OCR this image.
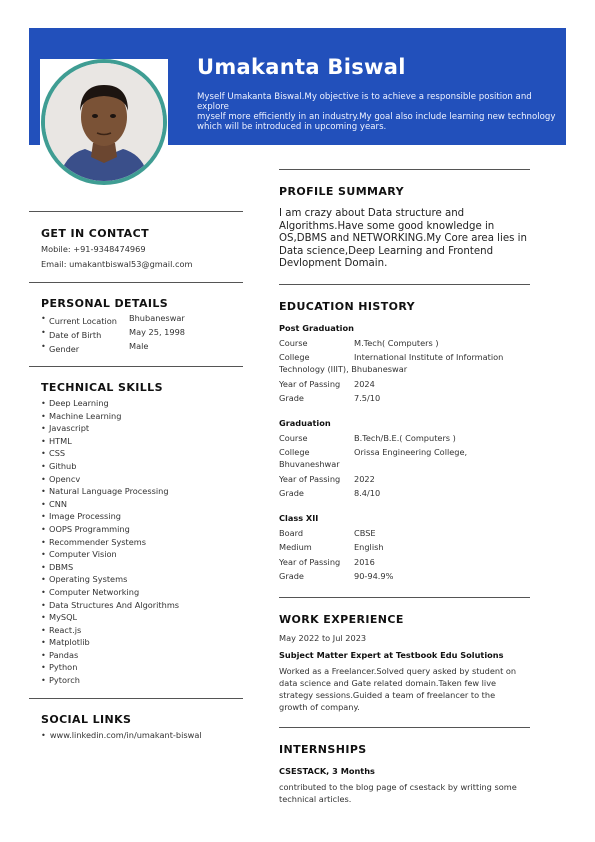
Umakanta Biswal
Myself Umakanta Biswal.My objective is to achieve a responsible position and explore
myself more efficiently in an industry.My goal also include learning new technology
which will be introduced in upcoming years.
GET IN CONTACT
Mobile: +91-9348474969
Email: umakantbiswal53@gmail.com
PERSONAL DETAILS
• Current Location Bhubaneswar
• Date of Birth	May 25, 1998
• Gender	Male
TECHNICAL SKILLS
• Deep Learning
• Machine Learning
• Javascript
• HTML
• CSS
• Github
• Opencv
• Natural Language Processing
• CNN
• Image Processing
• OOPS Programming
• Recommender Systems
• Computer Vision
• DBMS
• Operating Systems
• Computer Networking
• Data Structures And Algorithms
• MySQL
• React.js
• Matplotlib
• Pandas
• Python
• Pytorch
SOCIAL LINKS
• www.linkedin.com/in/umakant-biswal
PROFILE SUMMARY
I am crazy about Data structure and
Algorithms.Have some good knowledge in
OS,DBMS and NETWORKING.My Core area lies in
Data science,Deep Learning and Frontend
Devlopment Domain.
EDUCATION HISTORY
Post Graduation
Course	M.Tech( Computers )
College	International Institute of Information
Technology (IIIT), Bhubaneswar
Year of Passing 2024
Grade	7.5/10
Graduation
Course	B.Tech/B.E.( Computers )
College	Orissa Engineering College,
Bhuvaneshwar
Year of Passing 2022
Grade	8.4/10
Class XII
Board	CBSE
Medium	English
Year of Passing 2016
Grade	90-94.9%
WORK EXPERIENCE
May 2022 to Jul 2023
Subject Matter Expert at Testbook Edu Solutions
Worked as a Freelancer.Solved query asked by student on
data science and Gate related domain.Taken few live
strategy sessions.Guided a team of freelancer to the
growth of company.
INTERNSHIPS
CSESTACK, 3 Months
contributed to the blog page of csestack by writting some
technical articles.
